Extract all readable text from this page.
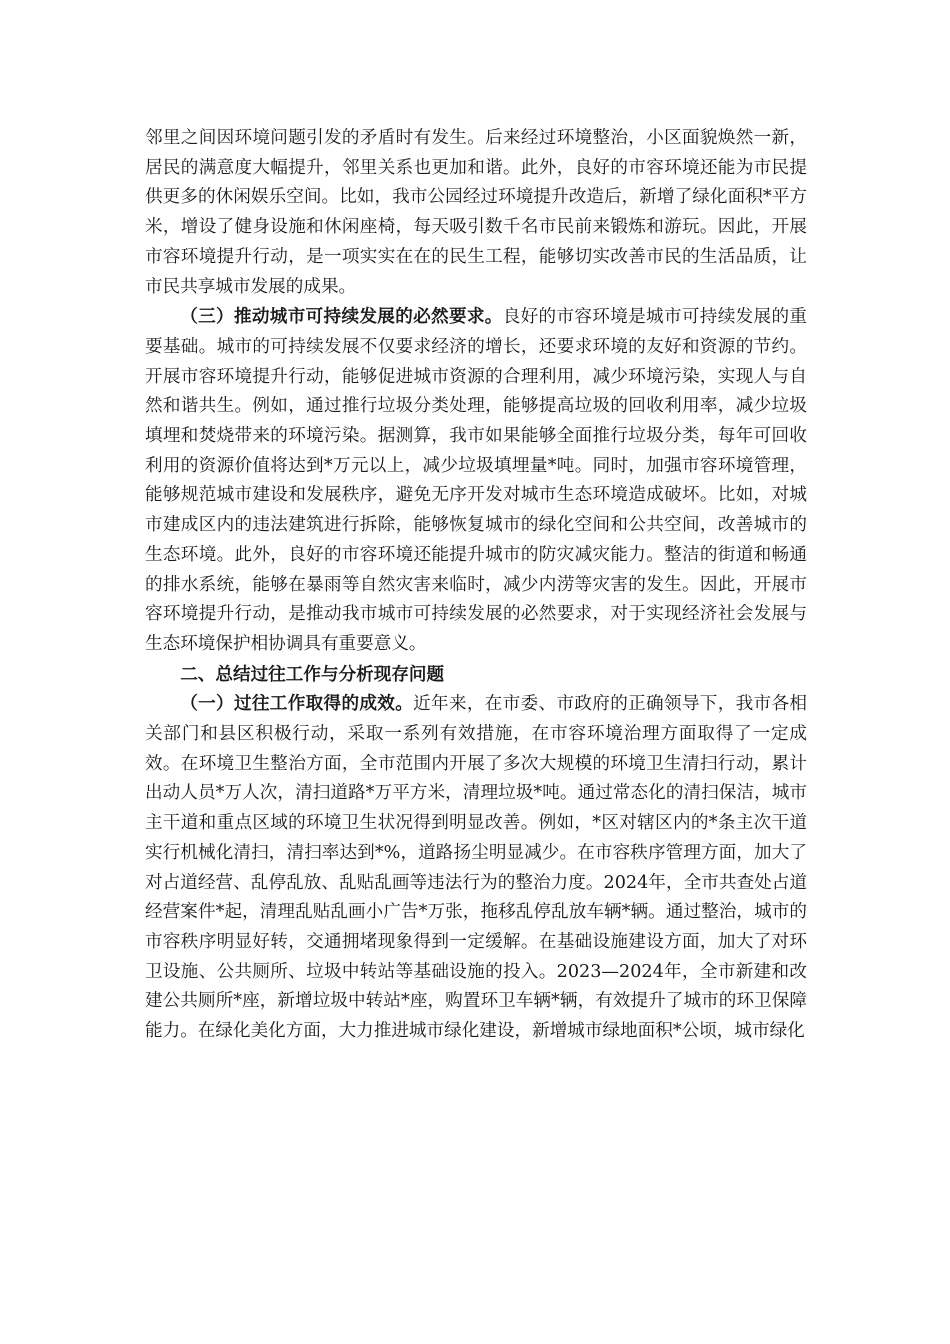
邻里之间因环境问题引发的矛盾时有发生。后来经过环境整治，小区面貌焕然一新，居民的满意度大幅提升，邻里关系也更加和谐。此外，良好的市容环境还能为市民提供更多的休闲娱乐空间。比如，我市公园经过环境提升改造后，新增了绿化面积*平方米，增设了健身设施和休闲座椅，每天吸引数千名市民前来锻炼和游玩。因此，开展市容环境提升行动，是一项实实在在的民生工程，能够切实改善市民的生活品质，让市民共享城市发展的成果。

（三）推动城市可持续发展的必然要求。良好的市容环境是城市可持续发展的重要基础。城市的可持续发展不仅要求经济的增长，还要求环境的友好和资源的节约。开展市容环境提升行动，能够促进城市资源的合理利用，减少环境污染，实现人与自然和谐共生。例如，通过推行垃圾分类处理，能够提高垃圾的回收利用率，减少垃圾填埋和焚烧带来的环境污染。据测算，我市如果能够全面推行垃圾分类，每年可回收利用的资源价值将达到*万元以上，减少垃圾填埋量*吨。同时，加强市容环境管理，能够规范城市建设和发展秩序，避免无序开发对城市生态环境造成破坏。比如，对城市建成区内的违法建筑进行拆除，能够恢复城市的绿化空间和公共空间，改善城市的生态环境。此外，良好的市容环境还能提升城市的防灾减灾能力。整洁的街道和畅通的排水系统，能够在暴雨等自然灾害来临时，减少内涝等灾害的发生。因此，开展市容环境提升行动，是推动我市城市可持续发展的必然要求，对于实现经济社会发展与生态环境保护相协调具有重要意义。

二、总结过往工作与分析现存问题

（一）过往工作取得的成效。近年来，在市委、市政府的正确领导下，我市各相关部门和县区积极行动，采取一系列有效措施，在市容环境治理方面取得了一定成效。在环境卫生整治方面，全市范围内开展了多次大规模的环境卫生清扫行动，累计出动人员*万人次，清扫道路*万平方米，清理垃圾*吨。通过常态化的清扫保洁，城市主干道和重点区域的环境卫生状况得到明显改善。例如，*区对辖区内的*条主次干道实行机械化清扫，清扫率达到*%，道路扬尘明显减少。在市容秩序管理方面，加大了对占道经营、乱停乱放、乱贴乱画等违法行为的整治力度。2024年，全市共查处占道经营案件*起，清理乱贴乱画小广告*万张，拖移乱停乱放车辆*辆。通过整治，城市的市容秩序明显好转，交通拥堵现象得到一定缓解。在基础设施建设方面，加大了对环卫设施、公共厕所、垃圾中转站等基础设施的投入。2023—2024年，全市新建和改建公共厕所*座，新增垃圾中转站*座，购置环卫车辆*辆，有效提升了城市的环卫保障能力。在绿化美化方面，大力推进城市绿化建设，新增城市绿地面积*公顷，城市绿化
